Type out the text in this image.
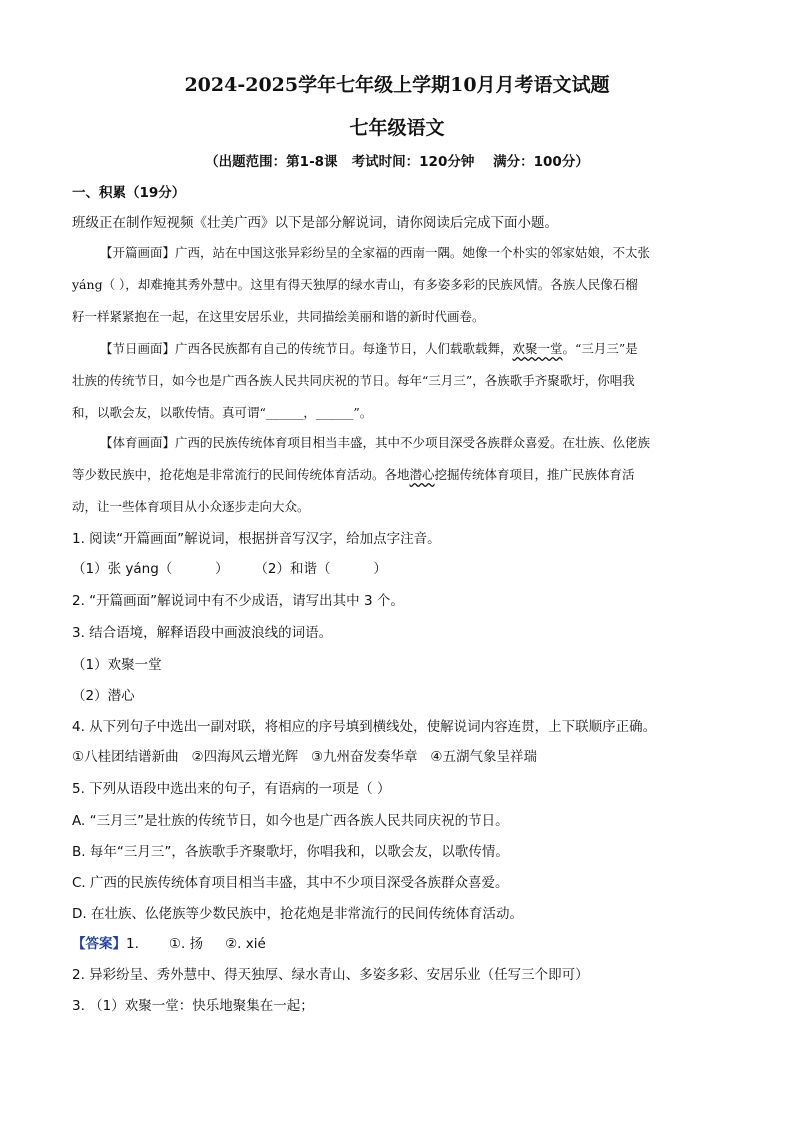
2024-2025学年七年级上学期10月月考语文试题
七年级语文
（出题范围：第1-8课   考试时间：120分钟    满分：100分）
一、积累（19分）
班级正在制作短视频《壮美广西》以下是部分解说词，请你阅读后完成下面小题。
【开篇画面】广西，站在中国这张异彩纷呈的全家福的西南一隅。她像一个朴实的邻家姑娘，不太张
yáng（ ），却难掩其秀外慧中。这里有得天独厚的绿水青山，有多姿多彩的民族风情。各族人民像石榴
籽一样紧紧抱在一起，在这里安居乐业，共同描绘美丽和谐的新时代画卷。
【节日画面】广西各民族都有自己的传统节日。每逢节日，人们载歌载舞，欢聚一堂。“三月三”是
壮族的传统节日，如今也是广西各族人民共同庆祝的节日。每年“三月三”，各族歌手齐聚歌圩，你唱我
和，以歌会友，以歌传情。真可谓“______，______”。
【体育画面】广西的民族传统体育项目相当丰盛，其中不少项目深受各族群众喜爱。在壮族、仫佬族
等少数民族中，抢花炮是非常流行的民间传统体育活动。各地潜心挖掘传统体育项目，推广民族体育活
动，让一些体育项目从小众逐步走向大众。
1. 阅读“开篇画面”解说词，根据拼音写汉字，给加点字注音。
（1）张 yáng（          ）      （2）和谐（          ）
2. “开篇画面”解说词中有不少成语，请写出其中 3 个。
3. 结合语境，解释语段中画波浪线的词语。
（1）欢聚一堂
（2）潜心
4. 从下列句子中选出一副对联，将相应的序号填到横线处，使解说词内容连贯，上下联顺序正确。
①八桂团结谱新曲   ②四海风云增光辉   ③九州奋发奏华章   ④五湖气象呈祥瑞
5. 下列从语段中选出来的句子，有语病的一项是（ ）
A. “三月三”是壮族的传统节日，如今也是广西各族人民共同庆祝的节日。
B. 每年“三月三”，各族歌手齐聚歌圩，你唱我和，以歌会友，以歌传情。
C. 广西的民族传统体育项目相当丰盛，其中不少项目深受各族群众喜爱。
D. 在壮族、仫佬族等少数民族中，抢花炮是非常流行的民间传统体育活动。
【答案】1. ①. 扬 ②. xié
2. 异彩纷呈、秀外慧中、得天独厚、绿水青山、多姿多彩、安居乐业（任写三个即可）
3. （1）欢聚一堂：快乐地聚集在一起；
